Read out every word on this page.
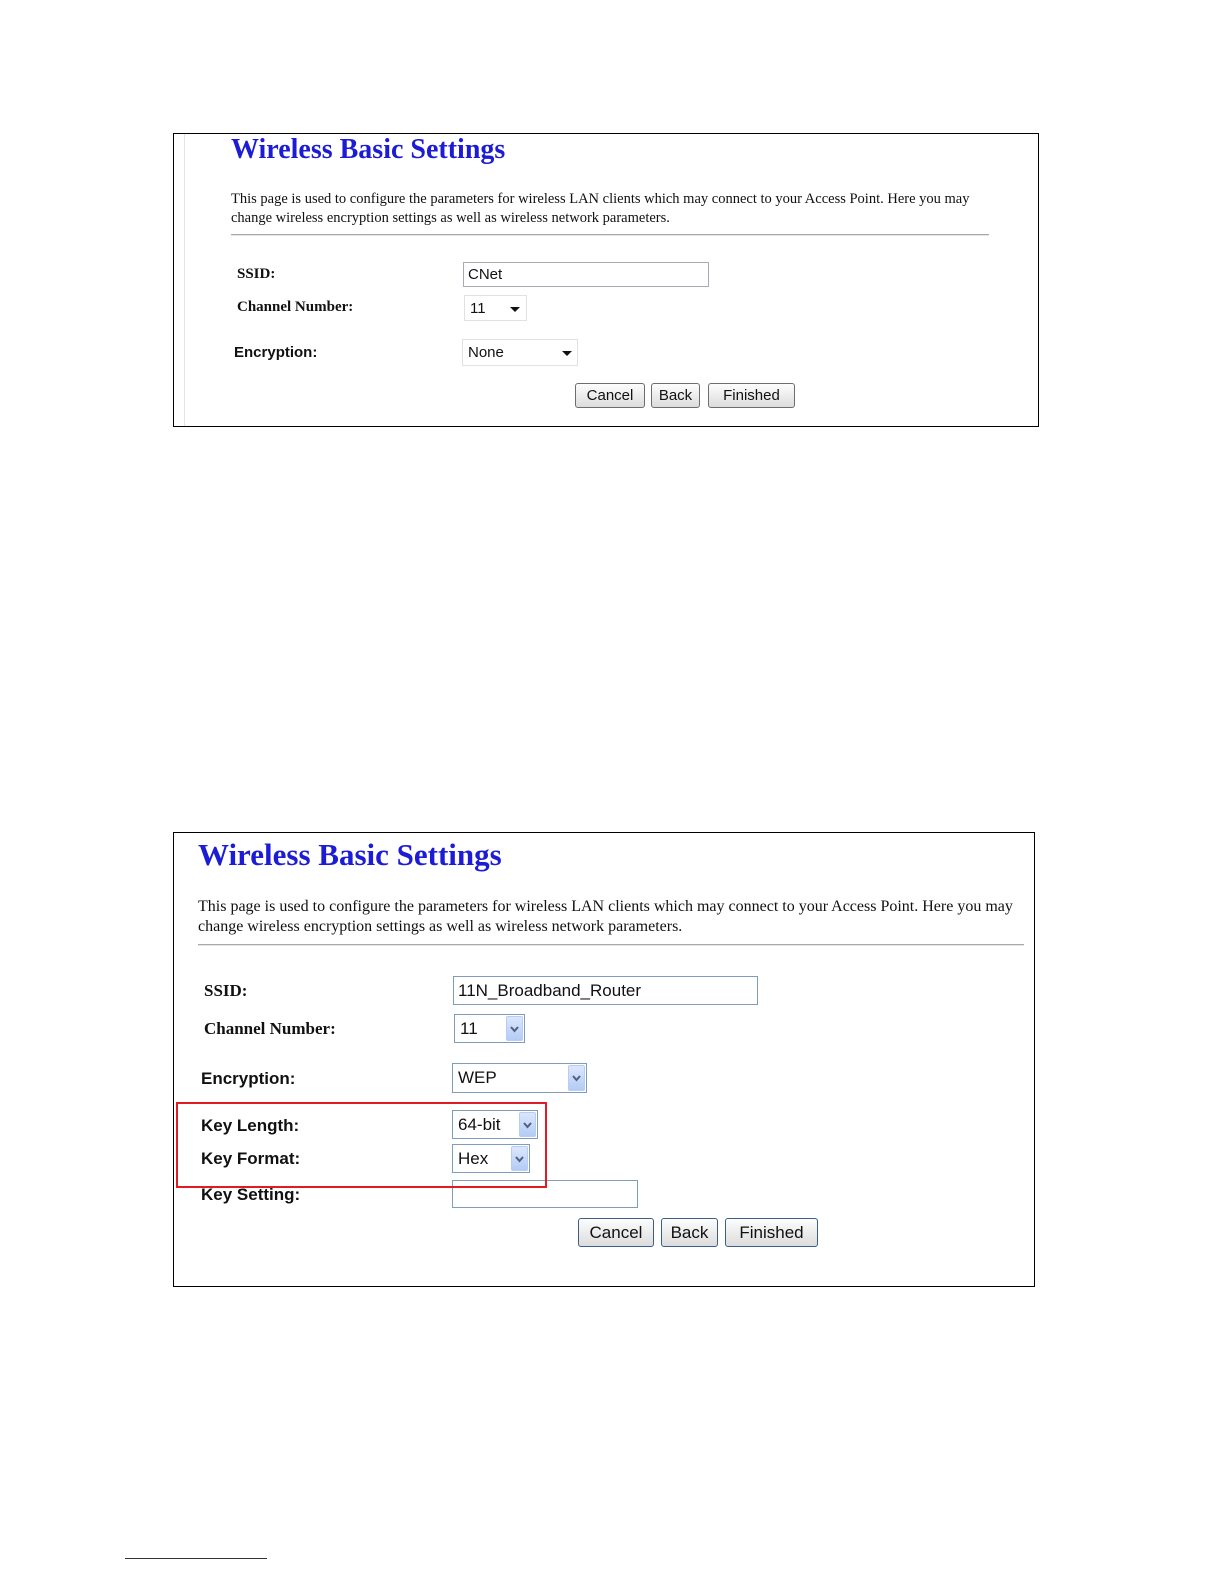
Wireless Basic Settings

This page is used to configure the parameters for wireless LAN clients which may connect to your Access Point. Here you may change wireless encryption settings as well as wireless network parameters.

SSID:	CNet
Channel Number:	11
Encryption:	None
Cancel	Back	Finished
Wireless Basic Settings

This page is used to configure the parameters for wireless LAN clients which may connect to your Access Point. Here you may change wireless encryption settings as well as wireless network parameters.

SSID:	11N_Broadband_Router
Channel Number:	11
Encryption:	WEP
Key Length:	64-bit
Key Format:	Hex
Key Setting:
Cancel	Back	Finished
